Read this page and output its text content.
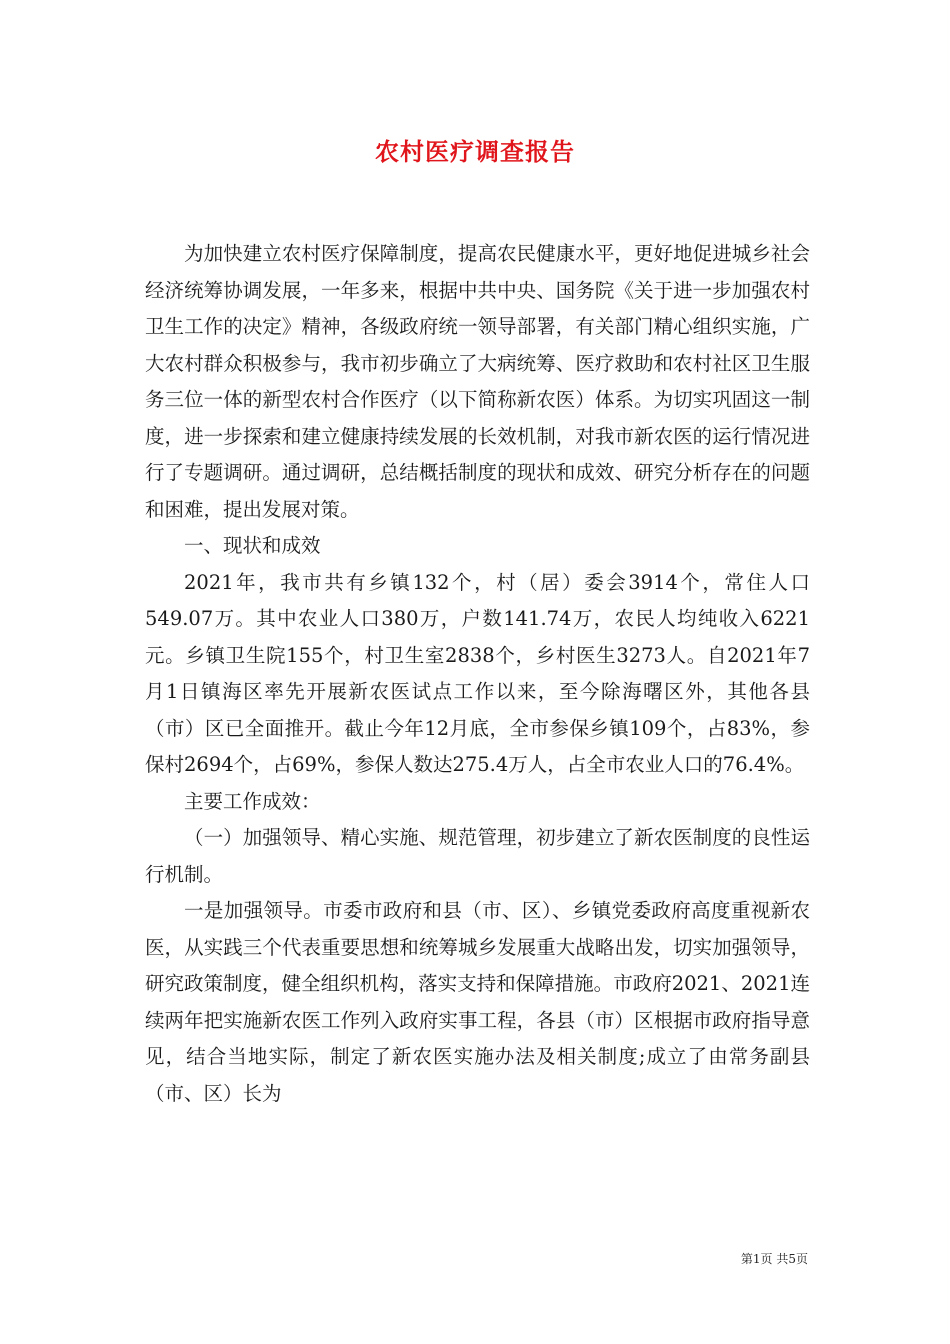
农村医疗调查报告

为加快建立农村医疗保障制度，提高农民健康水平，更好地促进城乡社会经济统筹协调发展，一年多来，根据中共中央、国务院《关于进一步加强农村卫生工作的决定》精神，各级政府统一领导部署，有关部门精心组织实施，广大农村群众积极参与，我市初步确立了大病统筹、医疗救助和农村社区卫生服务三位一体的新型农村合作医疗（以下简称新农医）体系。为切实巩固这一制度，进一步探索和建立健康持续发展的长效机制，对我市新农医的运行情况进行了专题调研。通过调研，总结概括制度的现状和成效、研究分析存在的问题和困难，提出发展对策。

一、现状和成效

2021年，我市共有乡镇132个，村（居）委会3914个，常住人口549.07万。其中农业人口380万，户数141.74万，农民人均纯收入6221元。乡镇卫生院155个，村卫生室2838个，乡村医生3273人。自2021年7月1日镇海区率先开展新农医试点工作以来，至今除海曙区外，其他各县（市）区已全面推开。截止今年12月底，全市参保乡镇109个，占83%，参保村2694个，占69%，参保人数达275.4万人，占全市农业人口的76.4%。

主要工作成效：

（一）加强领导、精心实施、规范管理，初步建立了新农医制度的良性运行机制。

一是加强领导。市委市政府和县（市、区）、乡镇党委政府高度重视新农医，从实践三个代表重要思想和统筹城乡发展重大战略出发，切实加强领导，研究政策制度，健全组织机构，落实支持和保障措施。市政府2021、2021连续两年把实施新农医工作列入政府实事工程，各县（市）区根据市政府指导意见，结合当地实际，制定了新农医实施办法及相关制度;成立了由常务副县（市、区）长为

第1页 共5页
